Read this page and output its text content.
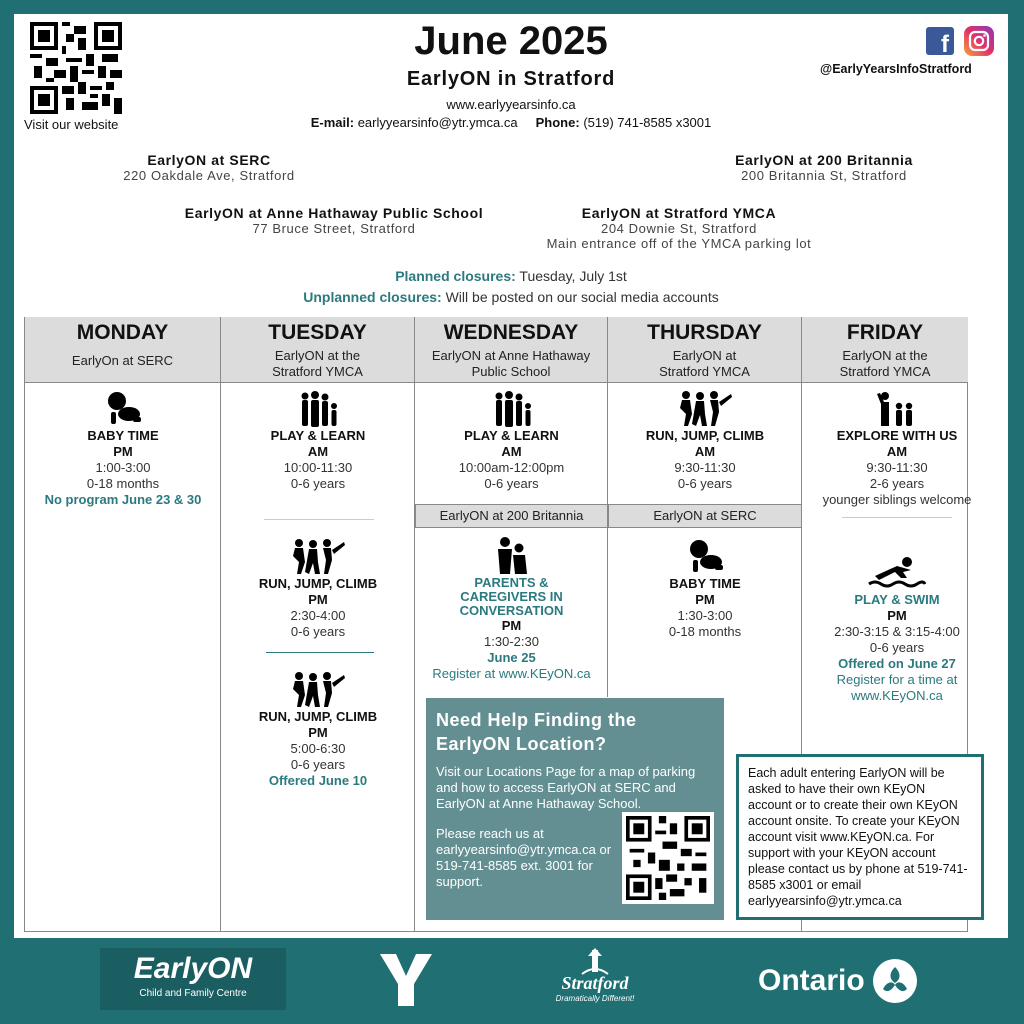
Visit our website
June 2025
EarlyON in Stratford
www.earlyyearsinfo.ca
E-mail: earlyyearsinfo@ytr.ymca.ca Phone: (519) 741-8585 x3001
f
@EarlyYearsInfoStratford
EarlyON at SERC
220 Oakdale Ave, Stratford
EarlyON at 200 Britannia
200 Britannia St, Stratford
EarlyON at Anne Hathaway Public School
77 Bruce Street, Stratford
EarlyON at Stratford YMCA
204 Downie St, Stratford
Main entrance off of the YMCA parking lot
Planned closures: Tuesday, July 1st
Unplanned closures: Will be posted on our social media accounts
MONDAY
EarlyOn at SERC
TUESDAY
EarlyON at the Stratford YMCA
WEDNESDAY
EarlyON at Anne Hathaway Public School
THURSDAY
EarlyON at Stratford YMCA
FRIDAY
EarlyON at the Stratford YMCA
BABY TIME
PM
1:00-3:00
0-18 months
No program June 23 & 30
PLAY & LEARN
AM
10:00-11:30
0-6 years
RUN, JUMP, CLIMB
PM
2:30-4:00
0-6 years
RUN, JUMP, CLIMB
PM
5:00-6:30
0-6 years
Offered June 10
PLAY & LEARN
AM
10:00am-12:00pm
0-6 years
EarlyON at 200 Britannia
PARENTS & CAREGIVERS IN CONVERSATION
PM
1:30-2:30
June 25
Register at www.KEyON.ca
RUN, JUMP, CLIMB
AM
9:30-11:30
0-6 years
EarlyON at SERC
BABY TIME
PM
1:30-3:00
0-18 months
EXPLORE WITH US
AM
9:30-11:30
2-6 years
younger siblings welcome
PLAY & SWIM
PM
2:30-3:15 & 3:15-4:00
0-6 years
Offered on June 27
Register for a time at www.KEyON.ca
Need Help Finding the EarlyON Location?
Visit our Locations Page for a map of parking and how to access EarlyON at SERC and EarlyON at Anne Hathaway School.
Please reach us at earlyyearsinfo@ytr.ymca.ca or 519-741-8585 ext. 3001 for support.
Each adult entering EarlyON will be asked to have their own KEyON account or to create their own KEyON account onsite. To create your KEyON account visit www.KEyON.ca. For support with your KEyON account please contact us by phone at 519-741-8585 x3001 or email earlyyearsinfo@ytr.ymca.ca
EarlyON
Child and Family Centre
Stratford
Dramatically Different!
Ontario
